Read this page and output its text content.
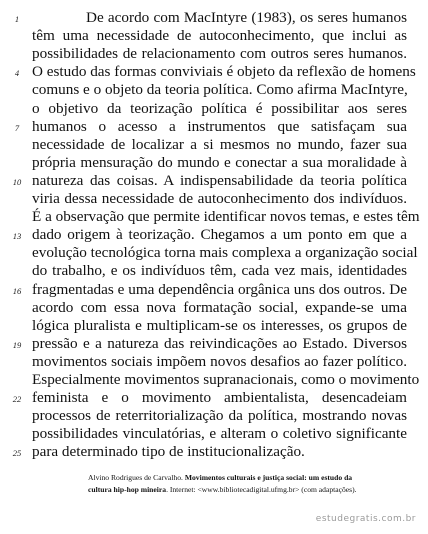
De acordo com MacIntyre (1983), os seres humanos
têm uma necessidade de autoconhecimento, que inclui as
possibilidades de relacionamento com outros seres humanos.
O estudo das formas conviviais é objeto da reflexão de homens
comuns e o objeto da teoria política. Como afirma MacIntyre,
o objetivo da teorização política é possibilitar aos seres
humanos o acesso a instrumentos que satisfaçam sua
necessidade de localizar a si mesmos no mundo, fazer sua
própria mensuração do mundo e conectar a sua moralidade à
natureza das coisas. A indispensabilidade da teoria política
viria dessa necessidade de autoconhecimento dos indivíduos.
É a observação que permite identificar novos temas, e estes têm
dado origem à teorização. Chegamos a um ponto em que a
evolução tecnológica torna mais complexa a organização social
do trabalho, e os indivíduos têm, cada vez mais, identidades
fragmentadas e uma dependência orgânica uns dos outros. De
acordo com essa nova formatação social, expande-se uma
lógica pluralista e multiplicam-se os interesses, os grupos de
pressão e a natureza das reivindicações ao Estado. Diversos
movimentos sociais impõem novos desafios ao fazer político.
Especialmente movimentos supranacionais, como o movimento
feminista e o movimento ambientalista, desencadeiam
processos de reterritorialização da política, mostrando novas
possibilidades vinculatórias, e alteram o coletivo significante
1
4
7
10
13
16
19
22
25
Alvino Rodrigues de Carvalho. Movimentos culturais e justiça social: um estudo da
cultura hip-hop mineira. Internet: <www.bibliotecadigital.ufmg.br> (com adaptações).
estudegratis.com.br
para determinado tipo de institucionalização.
